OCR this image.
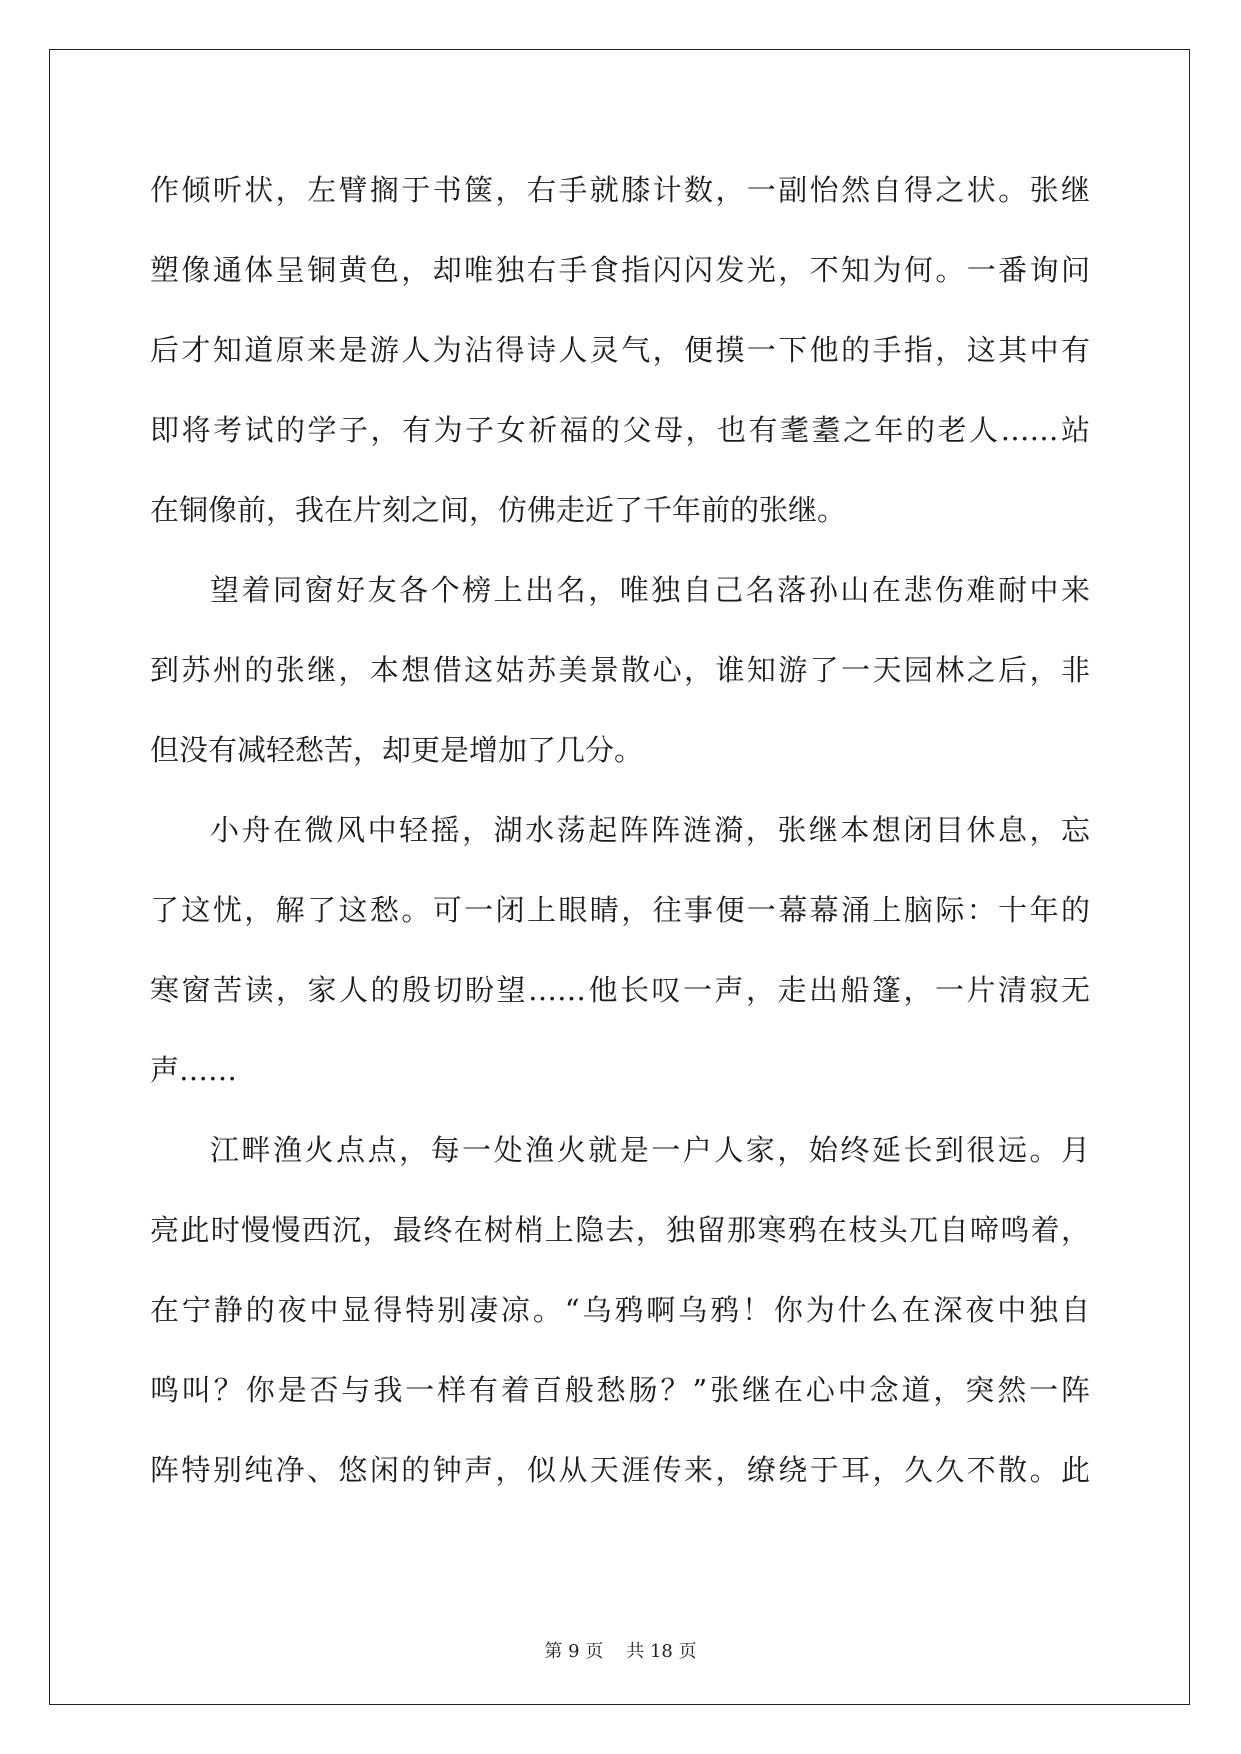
作倾听状，左臂搁于书箧，右手就膝计数，一副怡然自得之状。张继
塑像通体呈铜黄色，却唯独右手食指闪闪发光，不知为何。一番询问
后才知道原来是游人为沾得诗人灵气，便摸一下他的手指，这其中有
即将考试的学子，有为子女祈福的父母，也有耄耋之年的老人……站
在铜像前，我在片刻之间，仿佛走近了千年前的张继。
望着同窗好友各个榜上出名，唯独自己名落孙山在悲伤难耐中来
到苏州的张继，本想借这姑苏美景散心，谁知游了一天园林之后，非
但没有减轻愁苦，却更是增加了几分。
小舟在微风中轻摇，湖水荡起阵阵涟漪，张继本想闭目休息，忘
了这忧，解了这愁。可一闭上眼睛，往事便一幕幕涌上脑际：十年的
寒窗苦读，家人的殷切盼望……他长叹一声，走出船篷，一片清寂无
声……
江畔渔火点点，每一处渔火就是一户人家，始终延长到很远。月
亮此时慢慢西沉，最终在树梢上隐去，独留那寒鸦在枝头兀自啼鸣着，
在宁静的夜中显得特别凄凉。“乌鸦啊乌鸦！你为什么在深夜中独自
鸣叫？你是否与我一样有着百般愁肠？”张继在心中念道，突然一阵
阵特别纯净、悠闲的钟声，似从天涯传来，缭绕于耳，久久不散。此
第 9 页 共 18 页
